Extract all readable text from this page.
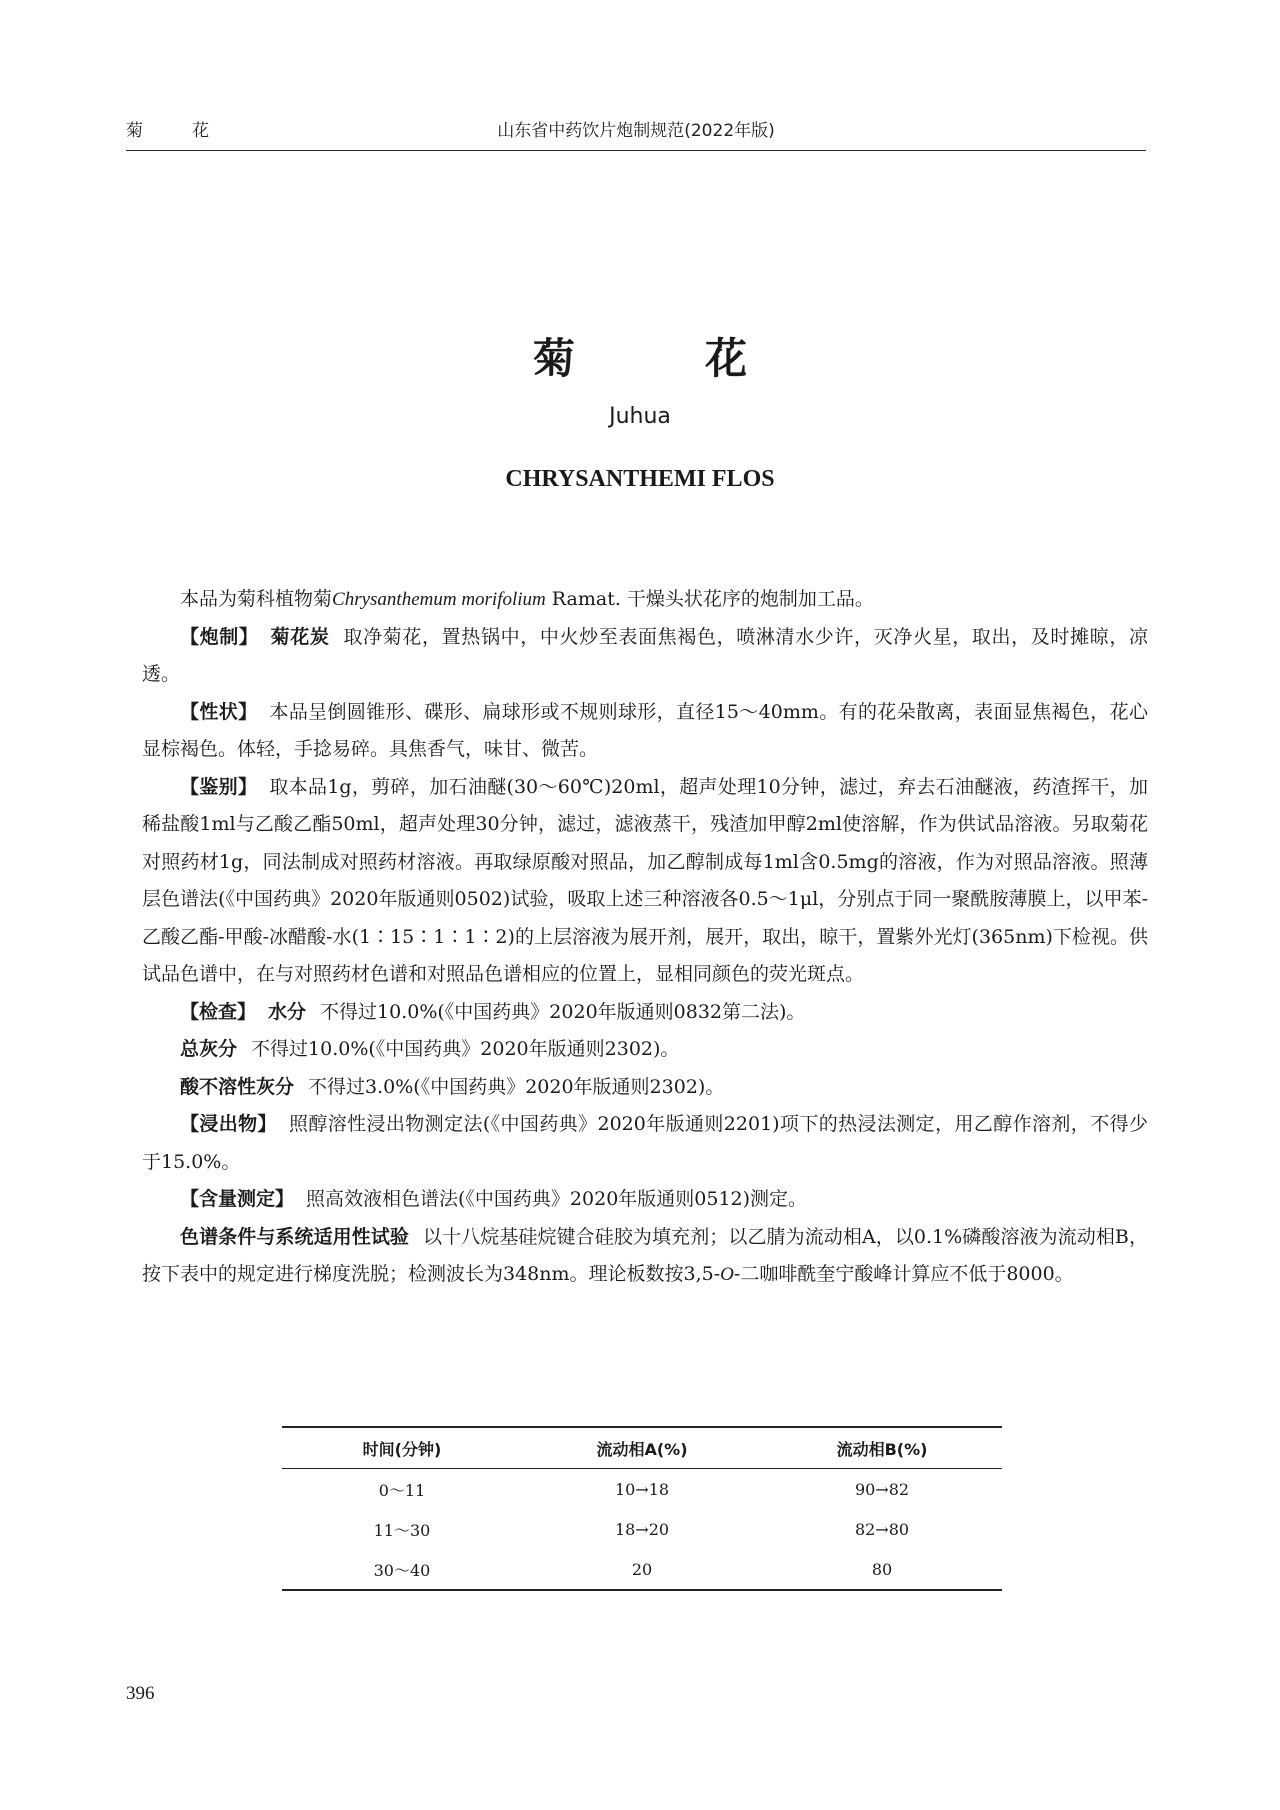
菊　花	山东省中药饮片炮制规范(2022年版)
菊　花
Juhua
CHRYSANTHEMI FLOS

本品为菊科植物菊Chrysanthemum morifolium Ramat. 干燥头状花序的炮制加工品。

【炮制】 菊花炭 取净菊花，置热锅中，中火炒至表面焦褐色，喷淋清水少许，灭净火星，取出，及时摊晾，凉透。

【性状】 本品呈倒圆锥形、碟形、扁球形或不规则球形，直径15～40mm。有的花朵散离，表面显焦褐色，花心显棕褐色。体轻，手捻易碎。具焦香气，味甘、微苦。

【鉴别】 取本品1g，剪碎，加石油醚(30～60℃)20ml，超声处理10分钟，滤过，弃去石油醚液，药渣挥干，加稀盐酸1ml与乙酸乙酯50ml，超声处理30分钟，滤过，滤液蒸干，残渣加甲醇2ml使溶解，作为供试品溶液。另取菊花对照药材1g，同法制成对照药材溶液。再取绿原酸对照品，加乙醇制成每1ml含0.5mg的溶液，作为对照品溶液。照薄层色谱法(《中国药典》2020年版通则0502)试验，吸取上述三种溶液各0.5～1μl，分别点于同一聚酰胺薄膜上，以甲苯-乙酸乙酯-甲酸-冰醋酸-水(1∶15∶1∶1∶2)的上层溶液为展开剂，展开，取出，晾干，置紫外光灯(365nm)下检视。供试品色谱中，在与对照药材色谱和对照品色谱相应的位置上，显相同颜色的荧光斑点。

【检查】 水分 不得过10.0%(《中国药典》2020年版通则0832第二法)。

总灰分 不得过10.0%(《中国药典》2020年版通则2302)。

酸不溶性灰分 不得过3.0%(《中国药典》2020年版通则2302)。

【浸出物】 照醇溶性浸出物测定法(《中国药典》2020年版通则2201)项下的热浸法测定，用乙醇作溶剂，不得少于15.0%。

【含量测定】 照高效液相色谱法(《中国药典》2020年版通则0512)测定。

色谱条件与系统适用性试验 以十八烷基硅烷键合硅胶为填充剂；以乙腈为流动相A，以0.1%磷酸溶液为流动相B，按下表中的规定进行梯度洗脱；检测波长为348nm。理论板数按3,5-O-二咖啡酰奎宁酸峰计算应不低于8000。

时间(分钟)	流动相A(%)	流动相B(%)
0～11	10→18	90→82
11～30	18→20	82→80
30～40	20	80
396
